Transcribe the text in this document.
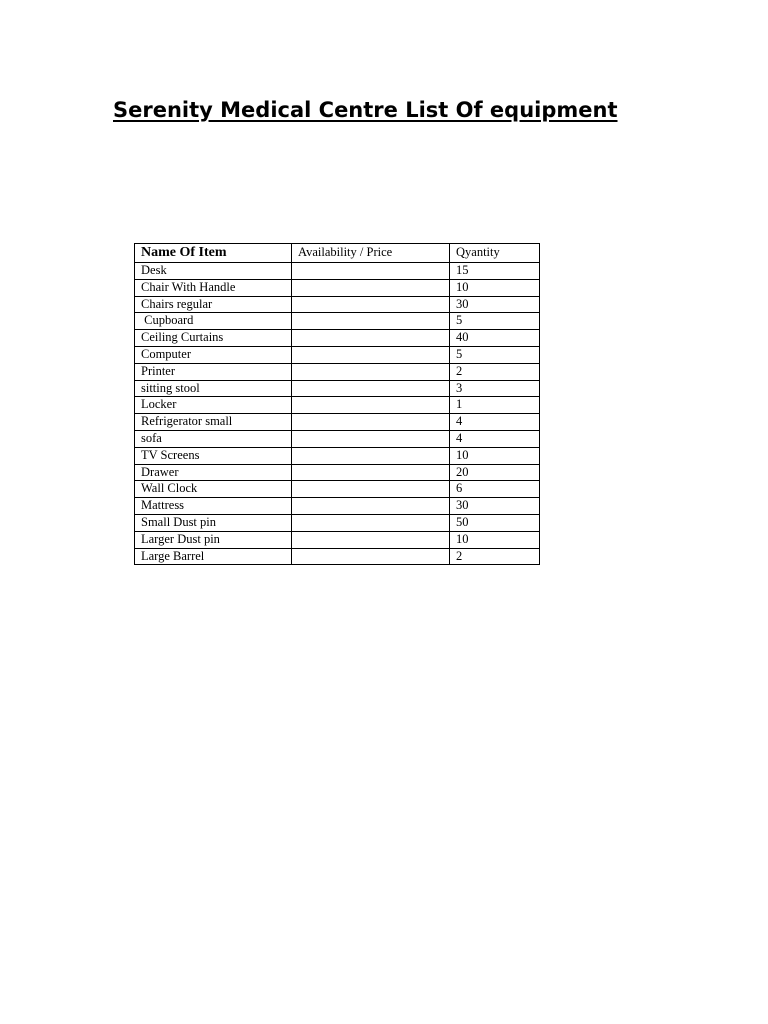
Serenity Medical Centre List Of equipment
Name Of Item	Availability / Price	Qyantity
Desk		15
Chair With Handle		10
Chairs regular		30
Cupboard		5
Ceiling Curtains		40
Computer		5
Printer		2
sitting stool		3
Locker		1
Refrigerator small		4
sofa		4
TV Screens		10
Drawer		20
Wall Clock		6
Mattress		30
Small Dust pin		50
Larger Dust pin		10
Large Barrel		2
